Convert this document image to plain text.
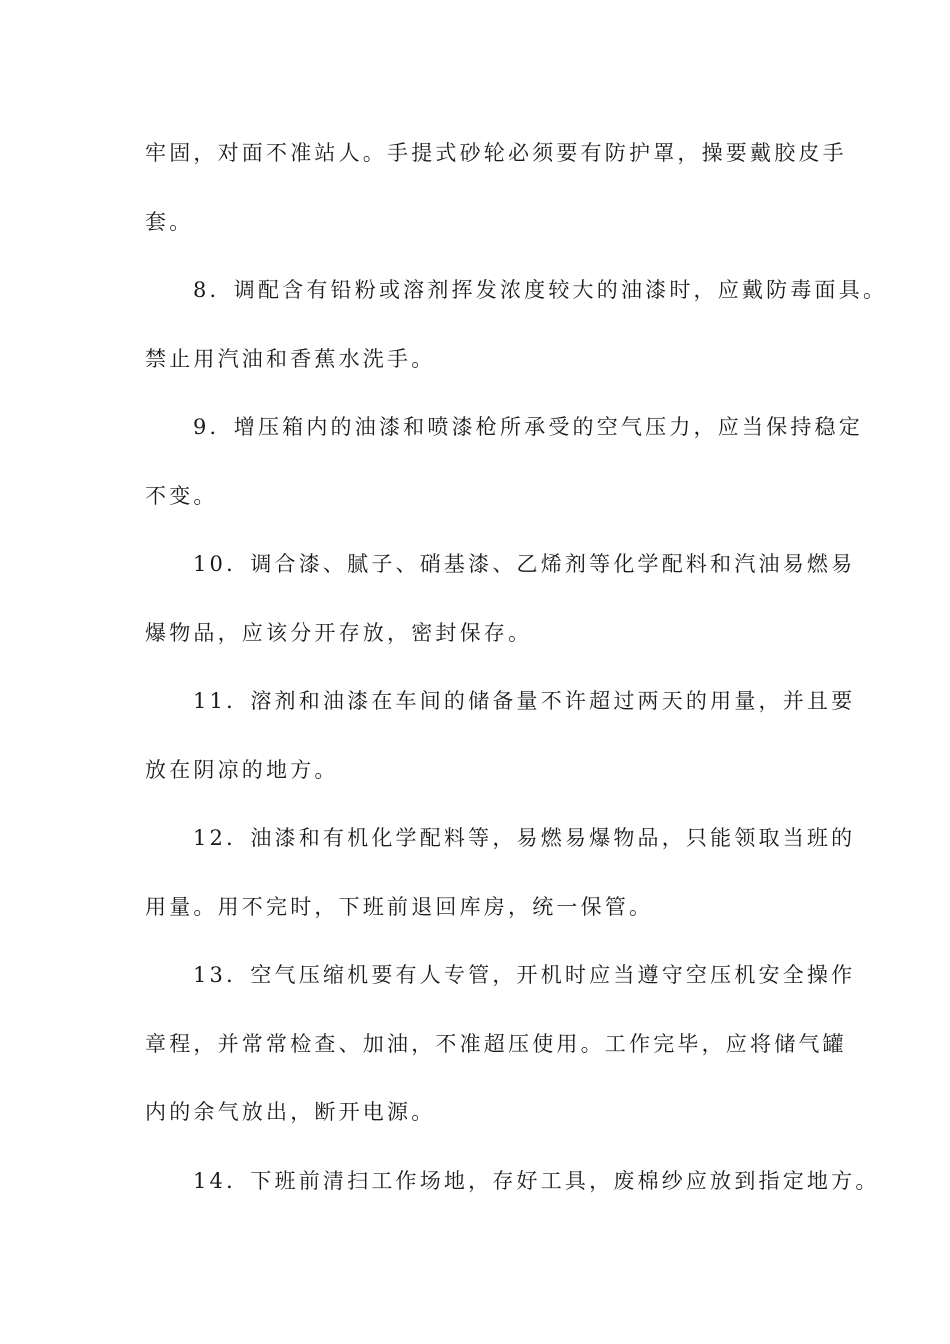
牢固，对面不准站人。手提式砂轮必须要有防护罩，操要戴胶皮手
套。
8．调配含有铅粉或溶剂挥发浓度较大的油漆时，应戴防毒面具。
禁止用汽油和香蕉水洗手。
9．增压箱内的油漆和喷漆枪所承受的空气压力，应当保持稳定
不变。
10．调合漆、腻子、硝基漆、乙烯剂等化学配料和汽油易燃易
爆物品，应该分开存放，密封保存。
11．溶剂和油漆在车间的储备量不许超过两天的用量，并且要
放在阴凉的地方。
12．油漆和有机化学配料等，易燃易爆物品，只能领取当班的
用量。用不完时，下班前退回库房，统一保管。
13．空气压缩机要有人专管，开机时应当遵守空压机安全操作
章程，并常常检查、加油，不准超压使用。工作完毕，应将储气罐
内的余气放出，断开电源。
14．下班前清扫工作场地，存好工具，废棉纱应放到指定地方。
